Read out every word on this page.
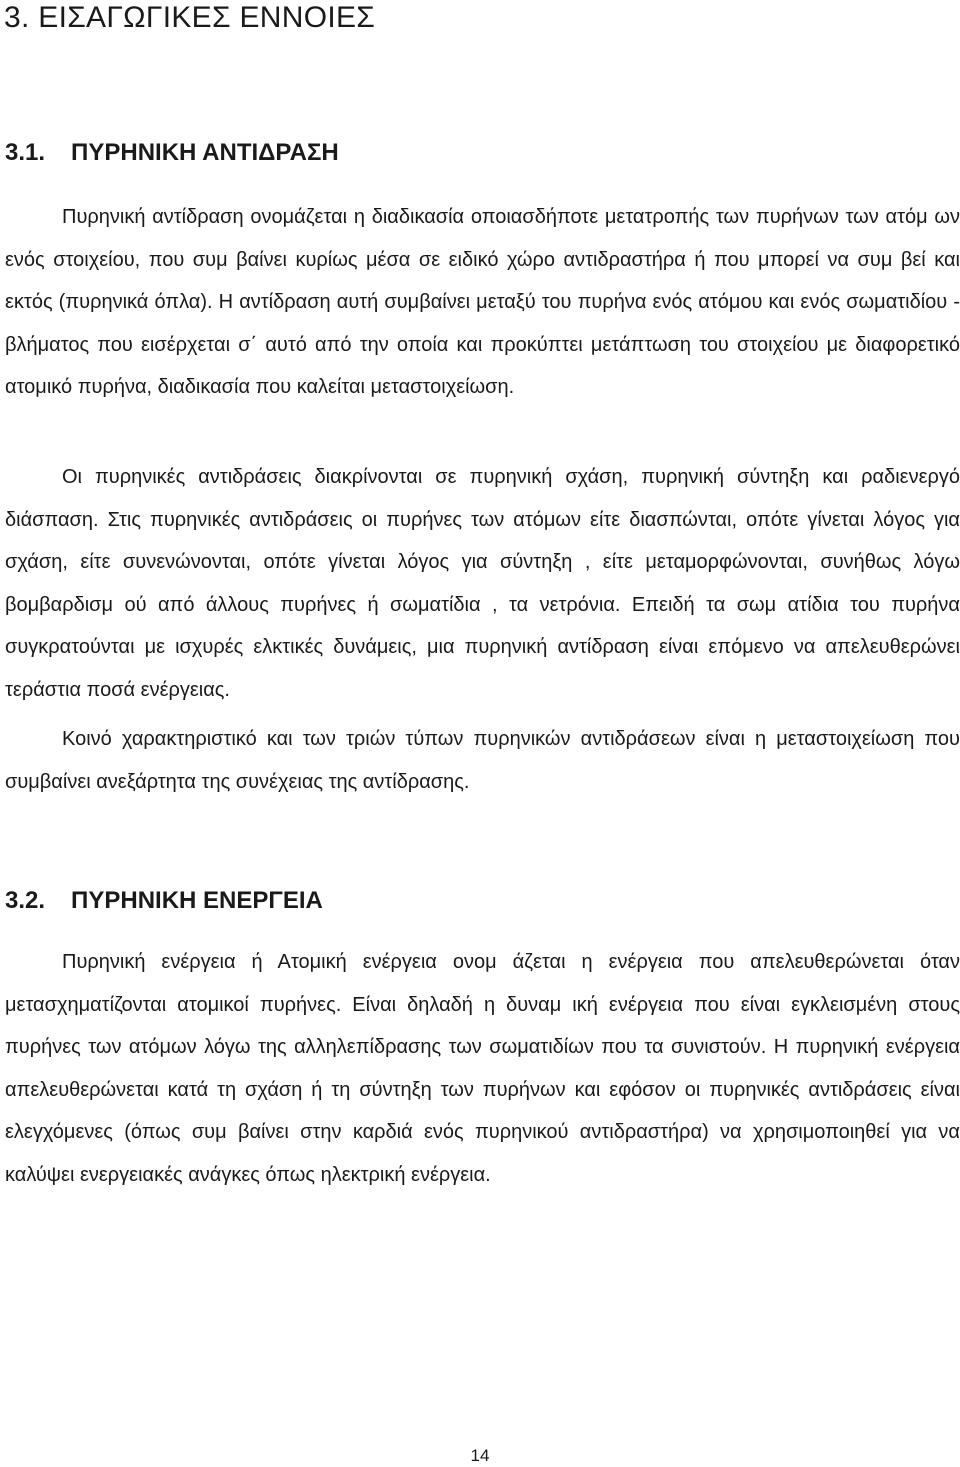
3. ΕΙΣΑΓΩΓΙΚΕΣ ΕΝΝΟΙΕΣ
3.1. ΠΥΡΗΝΙΚΗ ΑΝΤΙΔΡΑΣΗ

Πυρηνική αντίδραση ονομάζεται η διαδικασία οποιασδήποτε μετατροπής των πυρήνων των ατόμ ων ενός στοιχείου, που συμ βαίνει κυρίως μέσα σε ειδικό χώρο αντιδραστήρα ή που μπορεί να συμ βεί και εκτός (πυρηνικά όπλα). Η αντίδραση αυτή συμβαίνει μεταξύ του πυρήνα ενός ατόμου και ενός σωματιδίου - βλήματος που εισέρχεται σ΄ αυτό από την οποία και προκύπτει μετάπτωση του στοιχείου με διαφορετικό ατομικό πυρήνα, διαδικασία που καλείται μεταστοιχείωση.

Οι πυρηνικές αντιδράσεις διακρίνονται σε πυρηνική σχάση, πυρηνική σύντηξη και ραδιενεργό διάσπαση. Στις πυρηνικές αντιδράσεις οι πυρήνες των ατόμων είτε διασπώνται, οπότε γίνεται λόγος για σχάση, είτε συνενώνονται, οπότε γίνεται λόγος για σύντηξη , είτε μεταμορφώνονται, συνήθως λόγω βομβαρδισμ ού από άλλους πυρήνες ή σωματίδια , τα νετρόνια. Επειδή τα σωμ ατίδια του πυρήνα συγκρατούνται με ισχυρές ελκτικές δυνάμεις, μια πυρηνική αντίδραση είναι επόμενο να απελευθερώνει τεράστια ποσά ενέργειας.

Κοινό χαρακτηριστικό και των τριών τύπων πυρηνικών αντιδράσεων είναι η μεταστοιχείωση που συμβαίνει ανεξάρτητα της συνέχειας της αντίδρασης.

3.2. ΠΥΡΗΝΙΚΗ ΕΝΕΡΓΕΙΑ

Πυρηνική ενέργεια ή Ατομική ενέργεια ονομ άζεται η ενέργεια που απελευθερώνεται όταν μετασχηματίζονται ατομικοί πυρήνες. Είναι δηλαδή η δυναμ ική ενέργεια που είναι εγκλεισμένη στους πυρήνες των ατόμων λόγω της αλληλεπίδρασης των σωματιδίων που τα συνιστούν. Η πυρηνική ενέργεια απελευθερώνεται κατά τη σχάση ή τη σύντηξη των πυρήνων και εφόσον οι πυρηνικές αντιδράσεις είναι ελεγχόμενες (όπως συμ βαίνει στην καρδιά ενός πυρηνικού αντιδραστήρα) να χρησιμοποιηθεί για να καλύψει ενεργειακές ανάγκες όπως ηλεκτρική ενέργεια.

14
